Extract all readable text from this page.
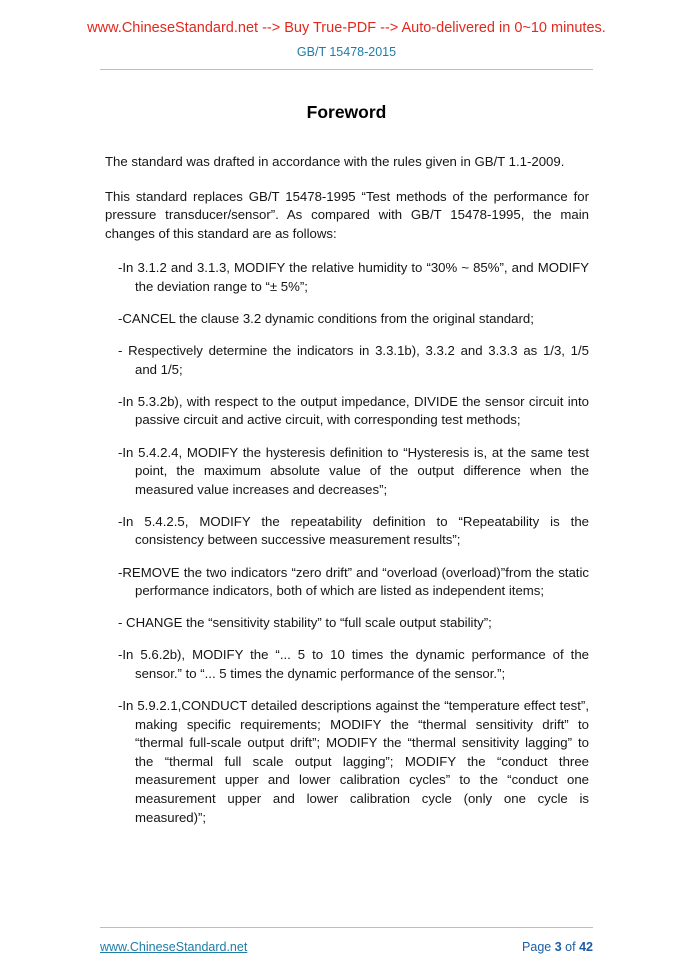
www.ChineseStandard.net --> Buy True-PDF --> Auto-delivered in 0~10 minutes.
GB/T 15478-2015
Foreword

The standard was drafted in accordance with the rules given in GB/T 1.1-2009.

This standard replaces GB/T 15478-1995 “Test methods of the performance for pressure transducer/sensor”. As compared with GB/T 15478-1995, the main changes of this standard are as follows:

-In 3.1.2 and 3.1.3, MODIFY the relative humidity to “30% ~ 85%”, and MODIFY the deviation range to “± 5%”;

-CANCEL the clause 3.2 dynamic conditions from the original standard;

- Respectively determine the indicators in 3.3.1b), 3.3.2 and 3.3.3 as 1/3, 1/5 and 1/5;

-In 5.3.2b), with respect to the output impedance, DIVIDE the sensor circuit into passive circuit and active circuit, with corresponding test methods;

-In 5.4.2.4, MODIFY the hysteresis definition to “Hysteresis is, at the same test point, the maximum absolute value of the output difference when the measured value increases and decreases”;

-In 5.4.2.5, MODIFY the repeatability definition to “Repeatability is the consistency between successive measurement results”;

-REMOVE the two indicators “zero drift” and “overload (overload)”from the static performance indicators, both of which are listed as independent items;

- CHANGE the “sensitivity stability” to “full scale output stability”;

-In 5.6.2b), MODIFY the “... 5 to 10 times the dynamic performance of the sensor.” to “... 5 times the dynamic performance of the sensor.”;

-In 5.9.2.1,CONDUCT detailed descriptions against the “temperature effect test”, making specific requirements; MODIFY the “thermal sensitivity drift” to “thermal full-scale output drift”; MODIFY the “thermal sensitivity lagging” to the “thermal full scale output lagging”; MODIFY the “conduct three measurement upper and lower calibration cycles” to the “conduct one measurement upper and lower calibration cycle (only one cycle is measured)”;

www.ChineseStandard.net	Page 3 of 42
